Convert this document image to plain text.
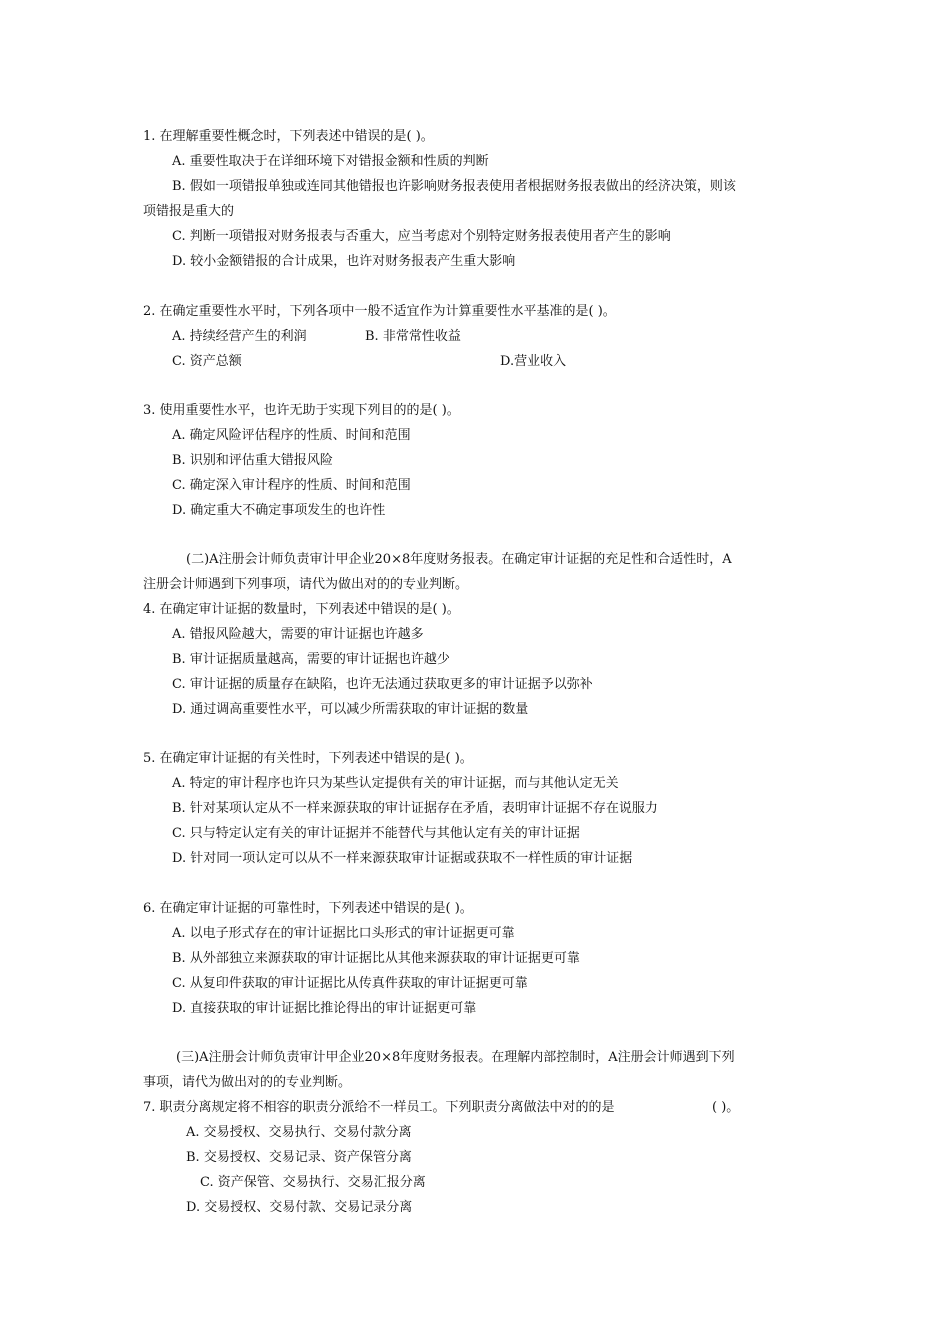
1. 在理解重要性概念时，下列表述中错误的是( )。
A. 重要性取决于在详细环境下对错报金额和性质的判断
B. 假如一项错报单独或连同其他错报也许影响财务报表使用者根据财务报表做出的经济决策，则该
项错报是重大的
C. 判断一项错报对财务报表与否重大，应当考虑对个别特定财务报表使用者产生的影响
D. 较小金额错报的合计成果，也许对财务报表产生重大影响
2. 在确定重要性水平时，下列各项中一般不适宜作为计算重要性水平基准的是( )。
A. 持续经营产生的利润	B. 非常常性收益
C. 资产总额	D.营业收入
3. 使用重要性水平，也许无助于实现下列目的的是( )。
A. 确定风险评估程序的性质、时间和范围
B. 识别和评估重大错报风险
C. 确定深入审计程序的性质、时间和范围
D. 确定重大不确定事项发生的也许性
(二)A注册会计师负责审计甲企业20×8年度财务报表。在确定审计证据的充足性和合适性时，A
注册会计师遇到下列事项，请代为做出对的的专业判断。
4. 在确定审计证据的数量时，下列表述中错误的是( )。
A. 错报风险越大，需要的审计证据也许越多
B. 审计证据质量越高，需要的审计证据也许越少
C. 审计证据的质量存在缺陷，也许无法通过获取更多的审计证据予以弥补
D. 通过调高重要性水平，可以减少所需获取的审计证据的数量
5. 在确定审计证据的有关性时，下列表述中错误的是( )。
A. 特定的审计程序也许只为某些认定提供有关的审计证据，而与其他认定无关
B. 针对某项认定从不一样来源获取的审计证据存在矛盾，表明审计证据不存在说服力
C. 只与特定认定有关的审计证据并不能替代与其他认定有关的审计证据
D. 针对同一项认定可以从不一样来源获取审计证据或获取不一样性质的审计证据
6. 在确定审计证据的可靠性时，下列表述中错误的是( )。
A. 以电子形式存在的审计证据比口头形式的审计证据更可靠
B. 从外部独立来源获取的审计证据比从其他来源获取的审计证据更可靠
C. 从复印件获取的审计证据比从传真件获取的审计证据更可靠
D. 直接获取的审计证据比推论得出的审计证据更可靠
(三)A注册会计师负责审计甲企业20×8年度财务报表。在理解内部控制时，A注册会计师遇到下列
事项，请代为做出对的的专业判断。
7. 职责分离规定将不相容的职责分派给不一样员工。下列职责分离做法中对的的是	( )。
A. 交易授权、交易执行、交易付款分离
B. 交易授权、交易记录、资产保管分离
C. 资产保管、交易执行、交易汇报分离
D. 交易授权、交易付款、交易记录分离
